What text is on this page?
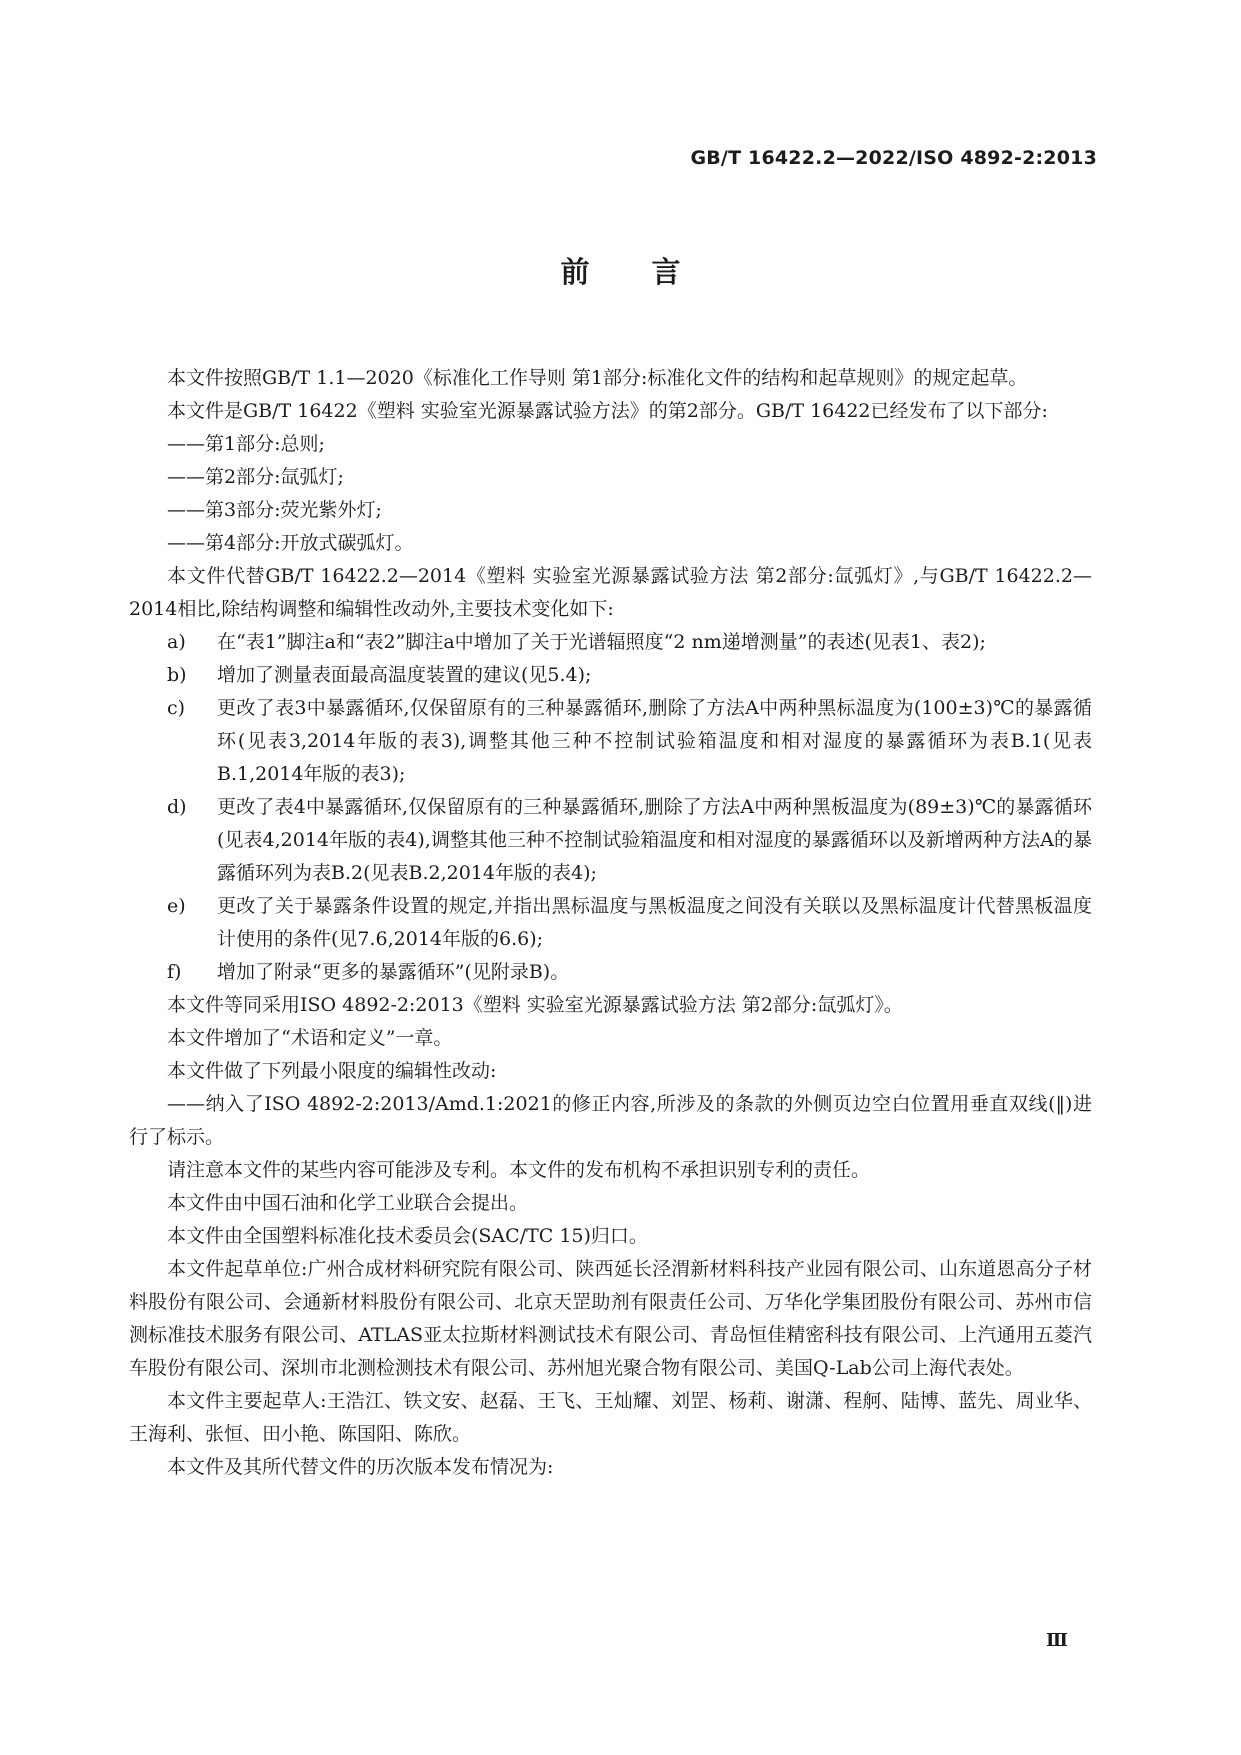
GB/T 16422.2—2022/ISO 4892-2:2013
前言

本文件按照GB/T 1.1—2020《标准化工作导则 第1部分:标准化文件的结构和起草规则》的规定起草。

本文件是GB/T 16422《塑料 实验室光源暴露试验方法》的第2部分。GB/T 16422已经发布了以下部分:

——第1部分:总则;

——第2部分:氙弧灯;

——第3部分:荧光紫外灯;

——第4部分:开放式碳弧灯。

本文件代替GB/T 16422.2—2014《塑料 实验室光源暴露试验方法 第2部分:氙弧灯》,与GB/T 16422.2—2014相比,除结构调整和编辑性改动外,主要技术变化如下:

a)	在“表1”脚注a和“表2”脚注a中增加了关于光谱辐照度“2 nm递增测量”的表述(见表1、表2);
b)	增加了测量表面最高温度装置的建议(见5.4);
c)	更改了表3中暴露循环,仅保留原有的三种暴露循环,删除了方法A中两种黑标温度为(100±3)℃的暴露循环(见表3,2014年版的表3),调整其他三种不控制试验箱温度和相对湿度的暴露循环为表B.1(见表B.1,2014年版的表3);
d)	更改了表4中暴露循环,仅保留原有的三种暴露循环,删除了方法A中两种黑板温度为(89±3)℃的暴露循环(见表4,2014年版的表4),调整其他三种不控制试验箱温度和相对湿度的暴露循环以及新增两种方法A的暴露循环列为表B.2(见表B.2,2014年版的表4);
e)	更改了关于暴露条件设置的规定,并指出黑标温度与黑板温度之间没有关联以及黑标温度计代替黑板温度计使用的条件(见7.6,2014年版的6.6);
f)	增加了附录“更多的暴露循环”(见附录B)。

本文件等同采用ISO 4892-2:2013《塑料 实验室光源暴露试验方法 第2部分:氙弧灯》。

本文件增加了“术语和定义”一章。

本文件做了下列最小限度的编辑性改动:

——纳入了ISO 4892-2:2013/Amd.1:2021的修正内容,所涉及的条款的外侧页边空白位置用垂直双线(‖)进行了标示。

请注意本文件的某些内容可能涉及专利。本文件的发布机构不承担识别专利的责任。

本文件由中国石油和化学工业联合会提出。

本文件由全国塑料标准化技术委员会(SAC/TC 15)归口。

本文件起草单位:广州合成材料研究院有限公司、陕西延长泾渭新材料科技产业园有限公司、山东道恩高分子材料股份有限公司、会通新材料股份有限公司、北京天罡助剂有限责任公司、万华化学集团股份有限公司、苏州市信测标准技术服务有限公司、ATLAS亚太拉斯材料测试技术有限公司、青岛恒佳精密科技有限公司、上汽通用五菱汽车股份有限公司、深圳市北测检测技术有限公司、苏州旭光聚合物有限公司、美国Q-Lab公司上海代表处。

本文件主要起草人:王浩江、铁文安、赵磊、王飞、王灿耀、刘罡、杨莉、谢潇、程舸、陆博、蓝先、周业华、王海利、张恒、田小艳、陈国阳、陈欣。

本文件及其所代替文件的历次版本发布情况为:

Ⅲ
